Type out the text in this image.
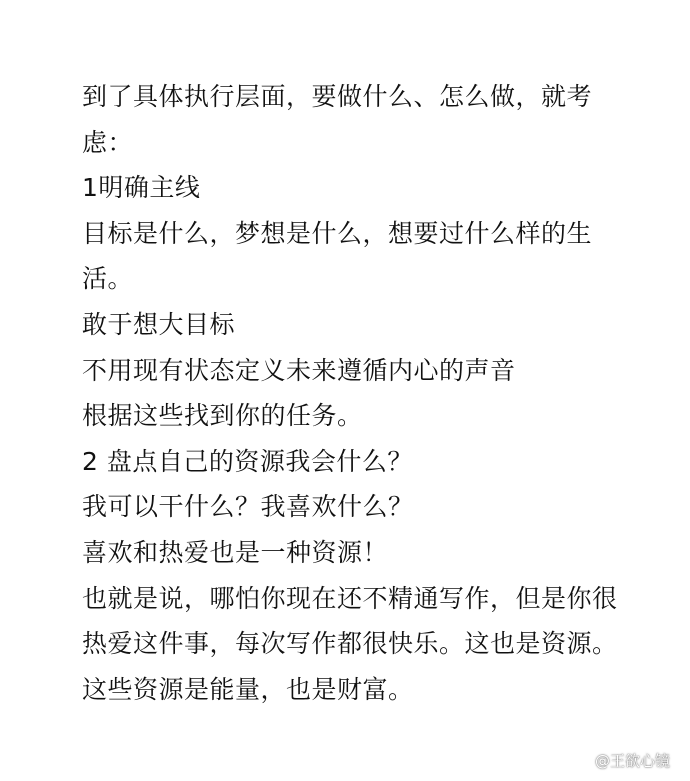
到了具体执行层面，要做什么、怎么做，就考
虑：
1明确主线
目标是什么，梦想是什么，想要过什么样的生
活。
敢于想大目标
不用现有状态定义未来遵循内心的声音
根据这些找到你的任务。
2 盘点自己的资源我会什么？
我可以干什么？我喜欢什么？
喜欢和热爱也是一种资源！
也就是说，哪怕你现在还不精通写作，但是你很
热爱这件事，每次写作都很快乐。这也是资源。
这些资源是能量，也是财富。
@王欲心镜
